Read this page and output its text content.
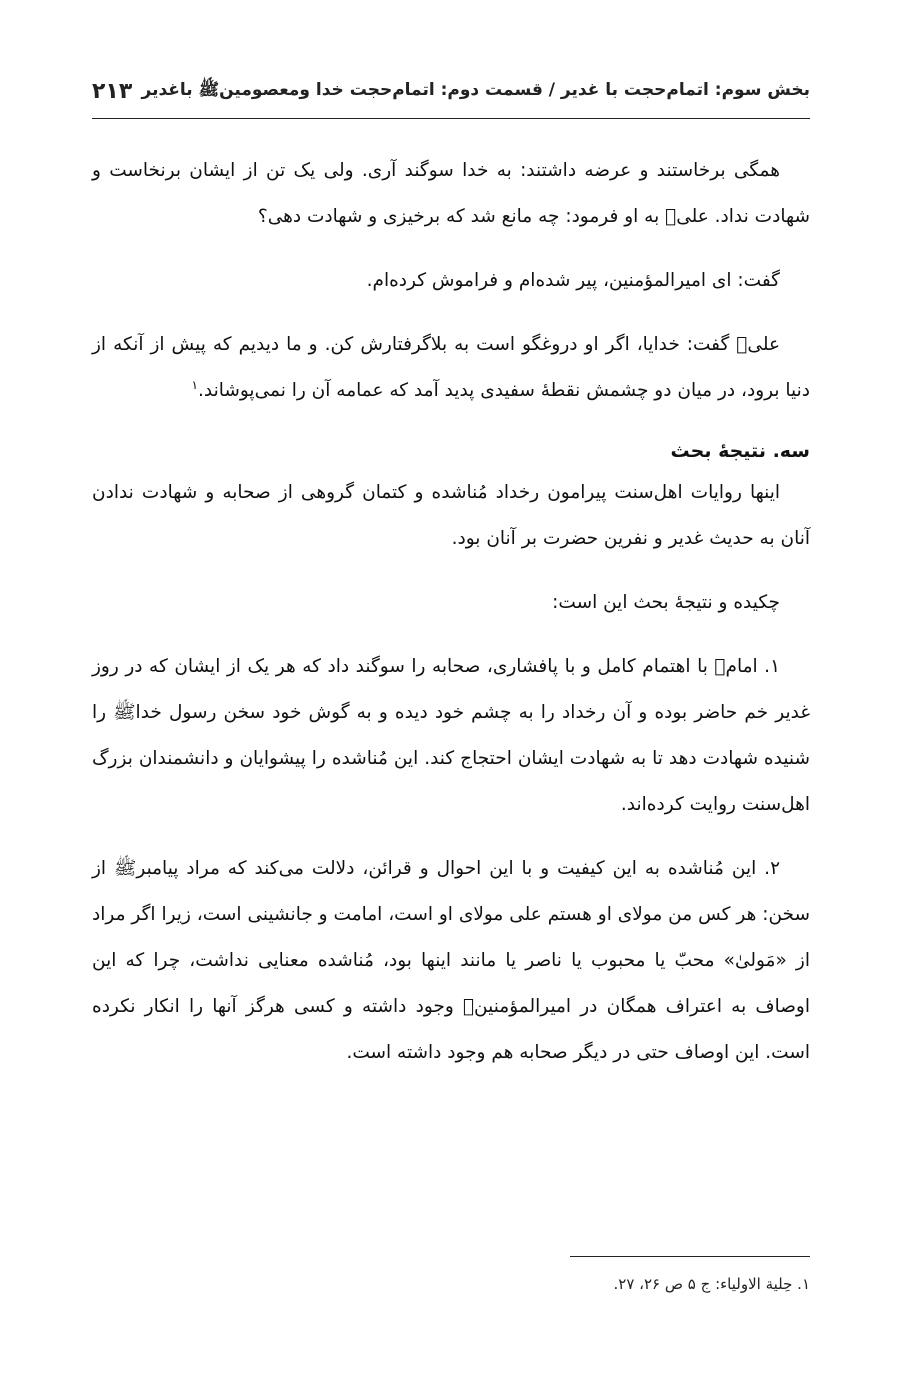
بخش سوم: اتمام‌حجت با غدیر / قسمت دوم: اتمام‌حجت خدا ومعصومینﷺ باغدیر
۲۱۳

همگی برخاستند و عرضه داشتند: به خدا سوگند آری. ولی یک تن از ایشان برنخاست و شهادت نداد. علی﷢ به او فرمود: چه مانع شد که برخیزی و شهادت دهی؟

گفت: ای امیرالمؤمنین، پیر شده‌ام و فراموش کرده‌ام.

علی﷢ گفت: خدایا، اگر او دروغگو است به بلاگرفتارش کن. و ما دیدیم که پیش از آنکه از دنیا برود، در میان دو چشمش نقطهٔ سفیدی پدید آمد که عمامه آن را نمی‌پوشاند.$^۱$

سه. نتیجهٔ بحث

اینها روایات اهل‌سنت پیرامون رخداد مُناشده و کتمان گروهی از صحابه و شهادت ندادن آنان به حدیث غدیر و نفرین حضرت بر آنان بود.

چکیده و نتیجهٔ بحث این است:

۱. امام﷢ با اهتمام کامل و با پافشاری، صحابه را سوگند داد که هر یک از ایشان که در روز غدیر خم حاضر بوده و آن رخداد را به چشم خود دیده و به گوش خود سخن رسول خداﷺ را شنیده شهادت دهد تا به شهادت ایشان احتجاج کند. این مُناشده را پیشوایان و دانشمندان بزرگ اهل‌سنت روایت کرده‌اند.

۲. این مُناشده به این کیفیت و با این احوال و قرائن، دلالت می‌کند که مراد پیامبرﷺ از سخن: هر کس من مولای او هستم علی مولای او است، امامت و جانشینی است، زیرا اگر مراد از «مَولیٰ» محبّ یا محبوب یا ناصر یا مانند اینها بود، مُناشده معنایی نداشت، چرا که این اوصاف به اعتراف همگان در امیرالمؤمنین﷢ وجود داشته و کسی هرگز آنها را انکار نکرده است. این اوصاف حتی در دیگر صحابه هم وجود داشته است.

۱. حِلیة الاولیاء: ج ۵ ص ۲۶، ۲۷.
